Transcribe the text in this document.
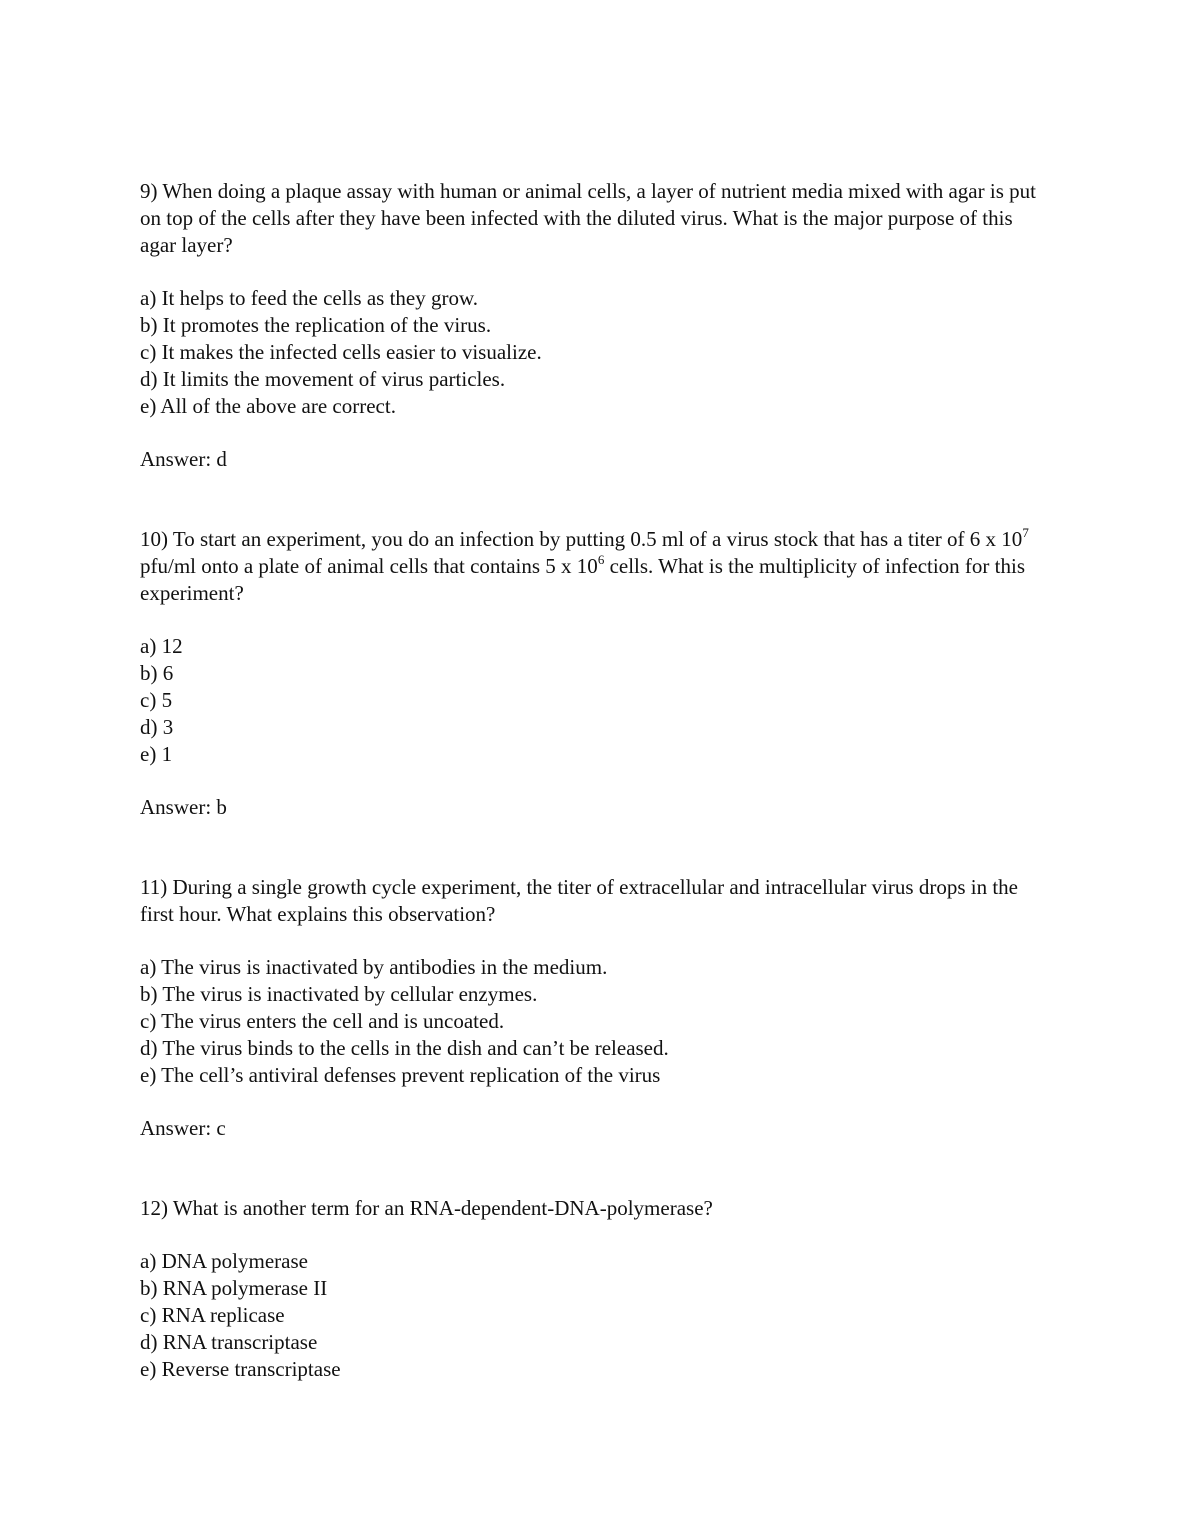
9) When doing a plaque assay with human or animal cells, a layer of nutrient media mixed with agar is put on top of the cells after they have been infected with the diluted virus. What is the major purpose of this agar layer?

a) It helps to feed the cells as they grow.
b) It promotes the replication of the virus.
c) It makes the infected cells easier to visualize.
d) It limits the movement of virus particles.
e) All of the above are correct.

Answer: d

10) To start an experiment, you do an infection by putting 0.5 ml of a virus stock that has a titer of 6 x $10^7$ pfu/ml onto a plate of animal cells that contains 5 x $10^6$ cells. What is the multiplicity of infection for this experiment?

a) 12
b) 6
c) 5
d) 3
e) 1

Answer: b

11) During a single growth cycle experiment, the titer of extracellular and intracellular virus drops in the first hour. What explains this observation?

a) The virus is inactivated by antibodies in the medium.
b) The virus is inactivated by cellular enzymes.
c) The virus enters the cell and is uncoated.
d) The virus binds to the cells in the dish and can’t be released.
e) The cell’s antiviral defenses prevent replication of the virus

Answer: c

12) What is another term for an RNA-dependent-DNA-polymerase?

a) DNA polymerase
b) RNA polymerase II
c) RNA replicase
d) RNA transcriptase
e) Reverse transcriptase
